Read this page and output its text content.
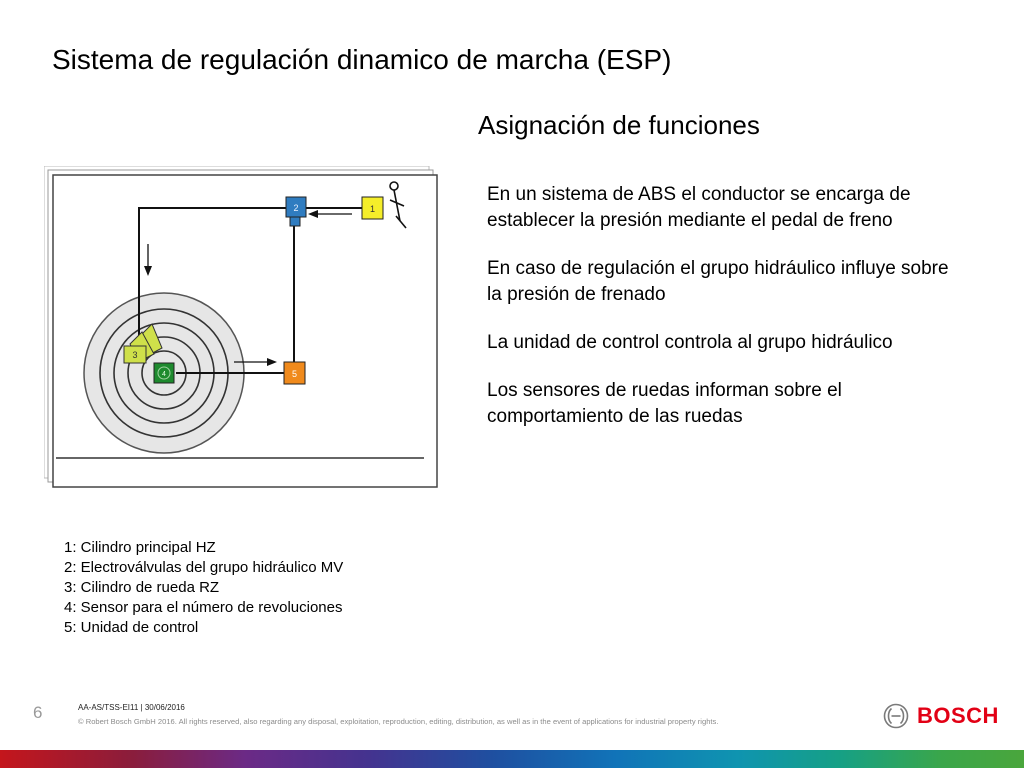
Sistema de regulación dinamico de marcha (ESP)
Asignación de funciones

En un sistema de ABS el conductor se encarga de establecer la presión mediante el pedal de freno

En caso de regulación el grupo hidráulico influye sobre la presión de frenado

La unidad de control controla al grupo hidráulico

Los sensores de ruedas informan sobre el comportamiento de las ruedas

1
2
3
4	5
1: Cilindro principal HZ
2: Electroválvulas del grupo hidráulico MV
3: Cilindro de rueda RZ
4: Sensor para el número de revoluciones
5: Unidad de control
6	AA-AS/TSS-EI11 | 30/06/2016
© Robert Bosch GmbH 2016. All rights reserved, also regarding any disposal, exploitation, reproduction, editing, distribution, as well as in the event of applications for industrial property rights.	BOSCH
